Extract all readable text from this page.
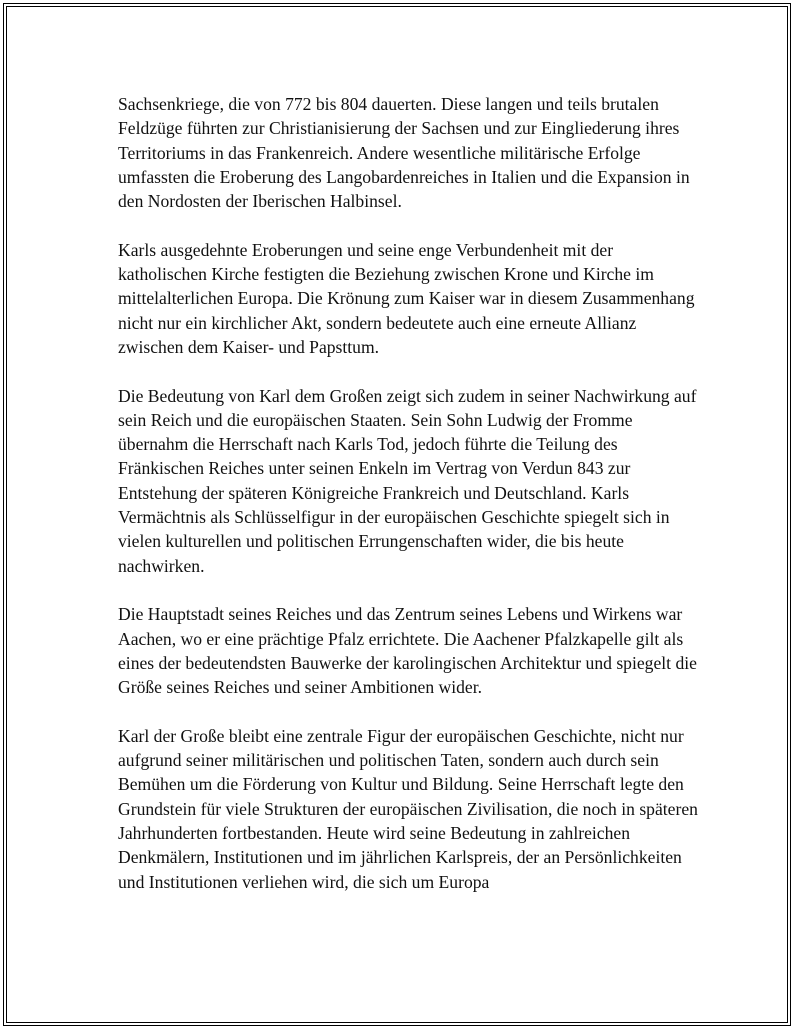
Sachsenkriege, die von 772 bis 804 dauerten. Diese langen und teils brutalen Feldzüge führten zur Christianisierung der Sachsen und zur Eingliederung ihres Territoriums in das Frankenreich. Andere wesentliche militärische Erfolge umfassten die Eroberung des Langobardenreiches in Italien und die Expansion in den Nordosten der Iberischen Halbinsel.

Karls ausgedehnte Eroberungen und seine enge Verbundenheit mit der katholischen Kirche festigten die Beziehung zwischen Krone und Kirche im mittelalterlichen Europa. Die Krönung zum Kaiser war in diesem Zusammenhang nicht nur ein kirchlicher Akt, sondern bedeutete auch eine erneute Allianz zwischen dem Kaiser- und Papsttum.

Die Bedeutung von Karl dem Großen zeigt sich zudem in seiner Nachwirkung auf sein Reich und die europäischen Staaten. Sein Sohn Ludwig der Fromme übernahm die Herrschaft nach Karls Tod, jedoch führte die Teilung des Fränkischen Reiches unter seinen Enkeln im Vertrag von Verdun 843 zur Entstehung der späteren Königreiche Frankreich und Deutschland. Karls Vermächtnis als Schlüsselfigur in der europäischen Geschichte spiegelt sich in vielen kulturellen und politischen Errungenschaften wider, die bis heute nachwirken.

Die Hauptstadt seines Reiches und das Zentrum seines Lebens und Wirkens war Aachen, wo er eine prächtige Pfalz errichtete. Die Aachener Pfalzkapelle gilt als eines der bedeutendsten Bauwerke der karolingischen Architektur und spiegelt die Größe seines Reiches und seiner Ambitionen wider.

Karl der Große bleibt eine zentrale Figur der europäischen Geschichte, nicht nur aufgrund seiner militärischen und politischen Taten, sondern auch durch sein Bemühen um die Förderung von Kultur und Bildung. Seine Herrschaft legte den Grundstein für viele Strukturen der europäischen Zivilisation, die noch in späteren Jahrhunderten fortbestanden. Heute wird seine Bedeutung in zahlreichen Denkmälern, Institutionen und im jährlichen Karlspreis, der an Persönlichkeiten und Institutionen verliehen wird, die sich um Europa
